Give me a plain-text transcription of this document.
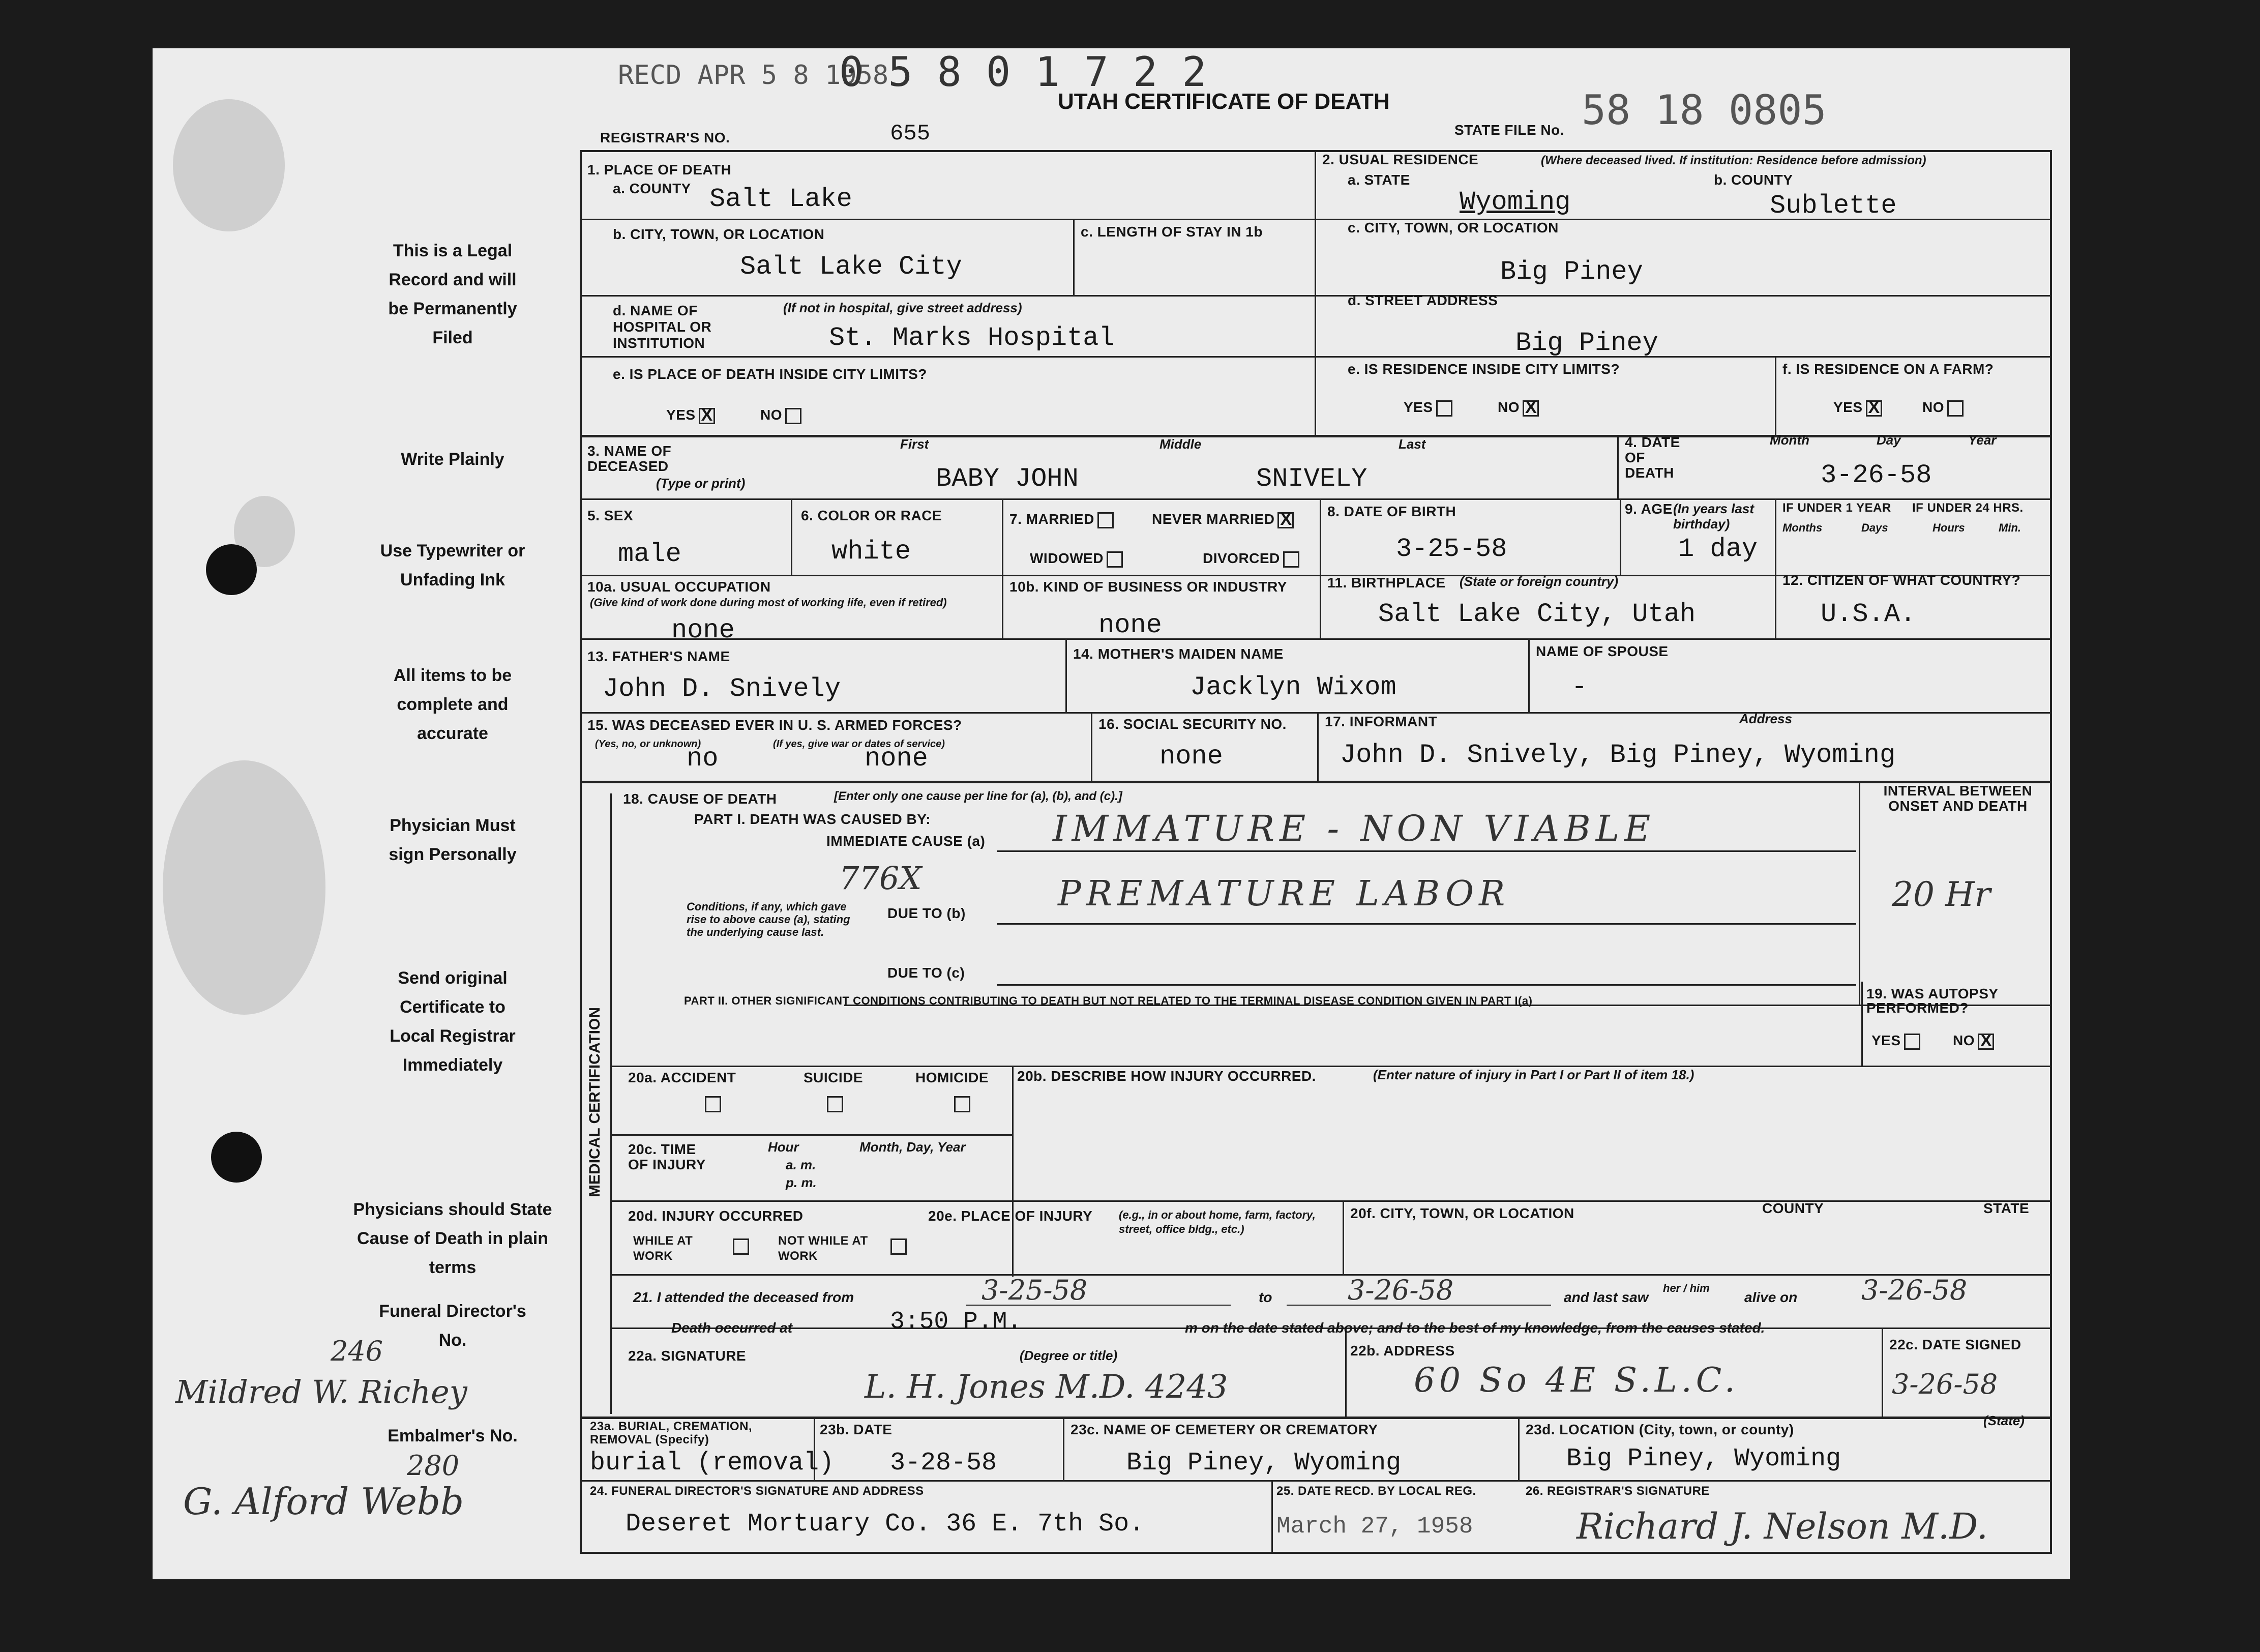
RECD APR 5 8 1958
0 5 8 0 1 7 2 2
UTAH CERTIFICATE OF DEATH
STATE FILE No. 58 18 0805
REGISTRAR'S NO.	655
This is a Legal Record and will be Permanently Filed
Write Plainly
Use Typewriter or Unfading Ink
All items to be complete and accurate
Physician Must sign Personally
Send original Certificate to Local Registrar Immediately
Physicians should State Cause of Death in plain terms
Funeral Director's No.
246
Mildred W. Richey
Embalmer's No.
280
G. Alford Webb
1. PLACE OF DEATH
a. COUNTY Salt Lake
b. CITY, TOWN, OR LOCATION
Salt Lake City
c. LENGTH OF STAY IN 1b
d. NAME OF HOSPITAL OR INSTITUTION
(If not in hospital, give street address)
St. Marks Hospital
e. IS PLACE OF DEATH INSIDE CITY LIMITS?
YES X	NO
2. USUAL RESIDENCE	(Where deceased lived. If institution: Residence before admission)
a. STATE
Wyoming
b. COUNTY
Sublette
c. CITY, TOWN, OR LOCATION
Big Piney
d. STREET ADDRESS
Big Piney
e. IS RESIDENCE INSIDE CITY LIMITS?
YES	NOX
f. IS RESIDENCE ON A FARM?
YES X	NO
3. NAME OF DECEASED
(Type or print)
First	Middle	Last
BABY JOHN	SNIVELY
4. DATE OF DEATH
Month	Day	Year
3-26-58
5. SEX
male
6. COLOR OR RACE
white
7. MARRIED	NEVER MARRIEDX
WIDOWED	DIVORCED
8. DATE OF BIRTH
3-25-58
9. AGE (In years last birthday)
1 day
IF UNDER 1 YEAR IF UNDER 24 HRS.
Months	Days	Hours	Min.
10a. USUAL OCCUPATION
(Give kind of work done during most of working life, even if retired)
none
10b. KIND OF BUSINESS OR INDUSTRY
none
11. BIRTHPLACE (State or foreign country)
Salt Lake City, Utah
12. CITIZEN OF WHAT COUNTRY?
U.S.A.
13. FATHER'S NAME
John D. Snively
14. MOTHER'S MAIDEN NAME
Jacklyn Wixom
NAME OF SPOUSE
-
15. WAS DECEASED EVER IN U. S. ARMED FORCES?
(Yes, no, or unknown)	(If yes, give war or dates of service)
no	none
16. SOCIAL SECURITY NO.
none
17. INFORMANT	Address
John D. Snively, Big Piney, Wyoming
MEDICAL CERTIFICATION
18. CAUSE OF DEATH	[Enter only one cause per line for (a), (b), and (c).]
PART I. DEATH WAS CAUSED BY:
IMMEDIATE CAUSE (a) IMMATURE - NON VIABLE
776X
Conditions, if any, which gave rise to above cause (a), stating the underlying cause last.
DUE TO (b)	PREMATURE LABOR
DUE TO (c)
INTERVAL BETWEEN ONSET AND DEATH
20 Hr
PART II. OTHER SIGNIFICANT CONDITIONS CONTRIBUTING TO DEATH BUT NOT RELATED TO THE TERMINAL DISEASE CONDITION GIVEN IN PART I(a)	19. WAS AUTOPSY PERFORMED?
YES	NOX
20a. ACCIDENT	SUICIDE	HOMICIDE 20b. DESCRIBE HOW INJURY OCCURRED.	(Enter nature of injury in Part I or Part II of item 18.)
20c. TIME OF INJURY
Hour
a. m.
p. m.
Month, Day, Year
20d. INJURY OCCURRED
WHILE AT WORK
NOT WHILE AT WORK
20e. PLACE OF INJURY (e.g., in or about home, farm, factory, street, office bldg., etc.)
20f. CITY, TOWN, OR LOCATION	COUNTY	STATE
21. I attended the deceased from	3-25-58	to	3-26-58	and last saw
her / him
alive on 3-26-58
Death occurred at	3:50 P.M.	m on the date stated above; and to the best of my knowledge, from the causes stated.
22a. SIGNATURE	(Degree or title)
L. H. Jones M.D. 4243
22b. ADDRESS
60 So 4E S.L.C.
22c. DATE SIGNED
3-26-58
23a. BURIAL, CREMATION, REMOVAL (Specify)
burial (removal)
23b. DATE
3-28-58
23c. NAME OF CEMETERY OR CREMATORY
Big Piney, Wyoming
23d. LOCATION (City, town, or county)
(State)
Big Piney, Wyoming
24. FUNERAL DIRECTOR'S SIGNATURE AND ADDRESS
Deseret Mortuary Co. 36 E. 7th So.
25. DATE RECD. BY LOCAL REG.
March 27, 1958
26. REGISTRAR'S SIGNATURE
Richard J. Nelson M.D.
